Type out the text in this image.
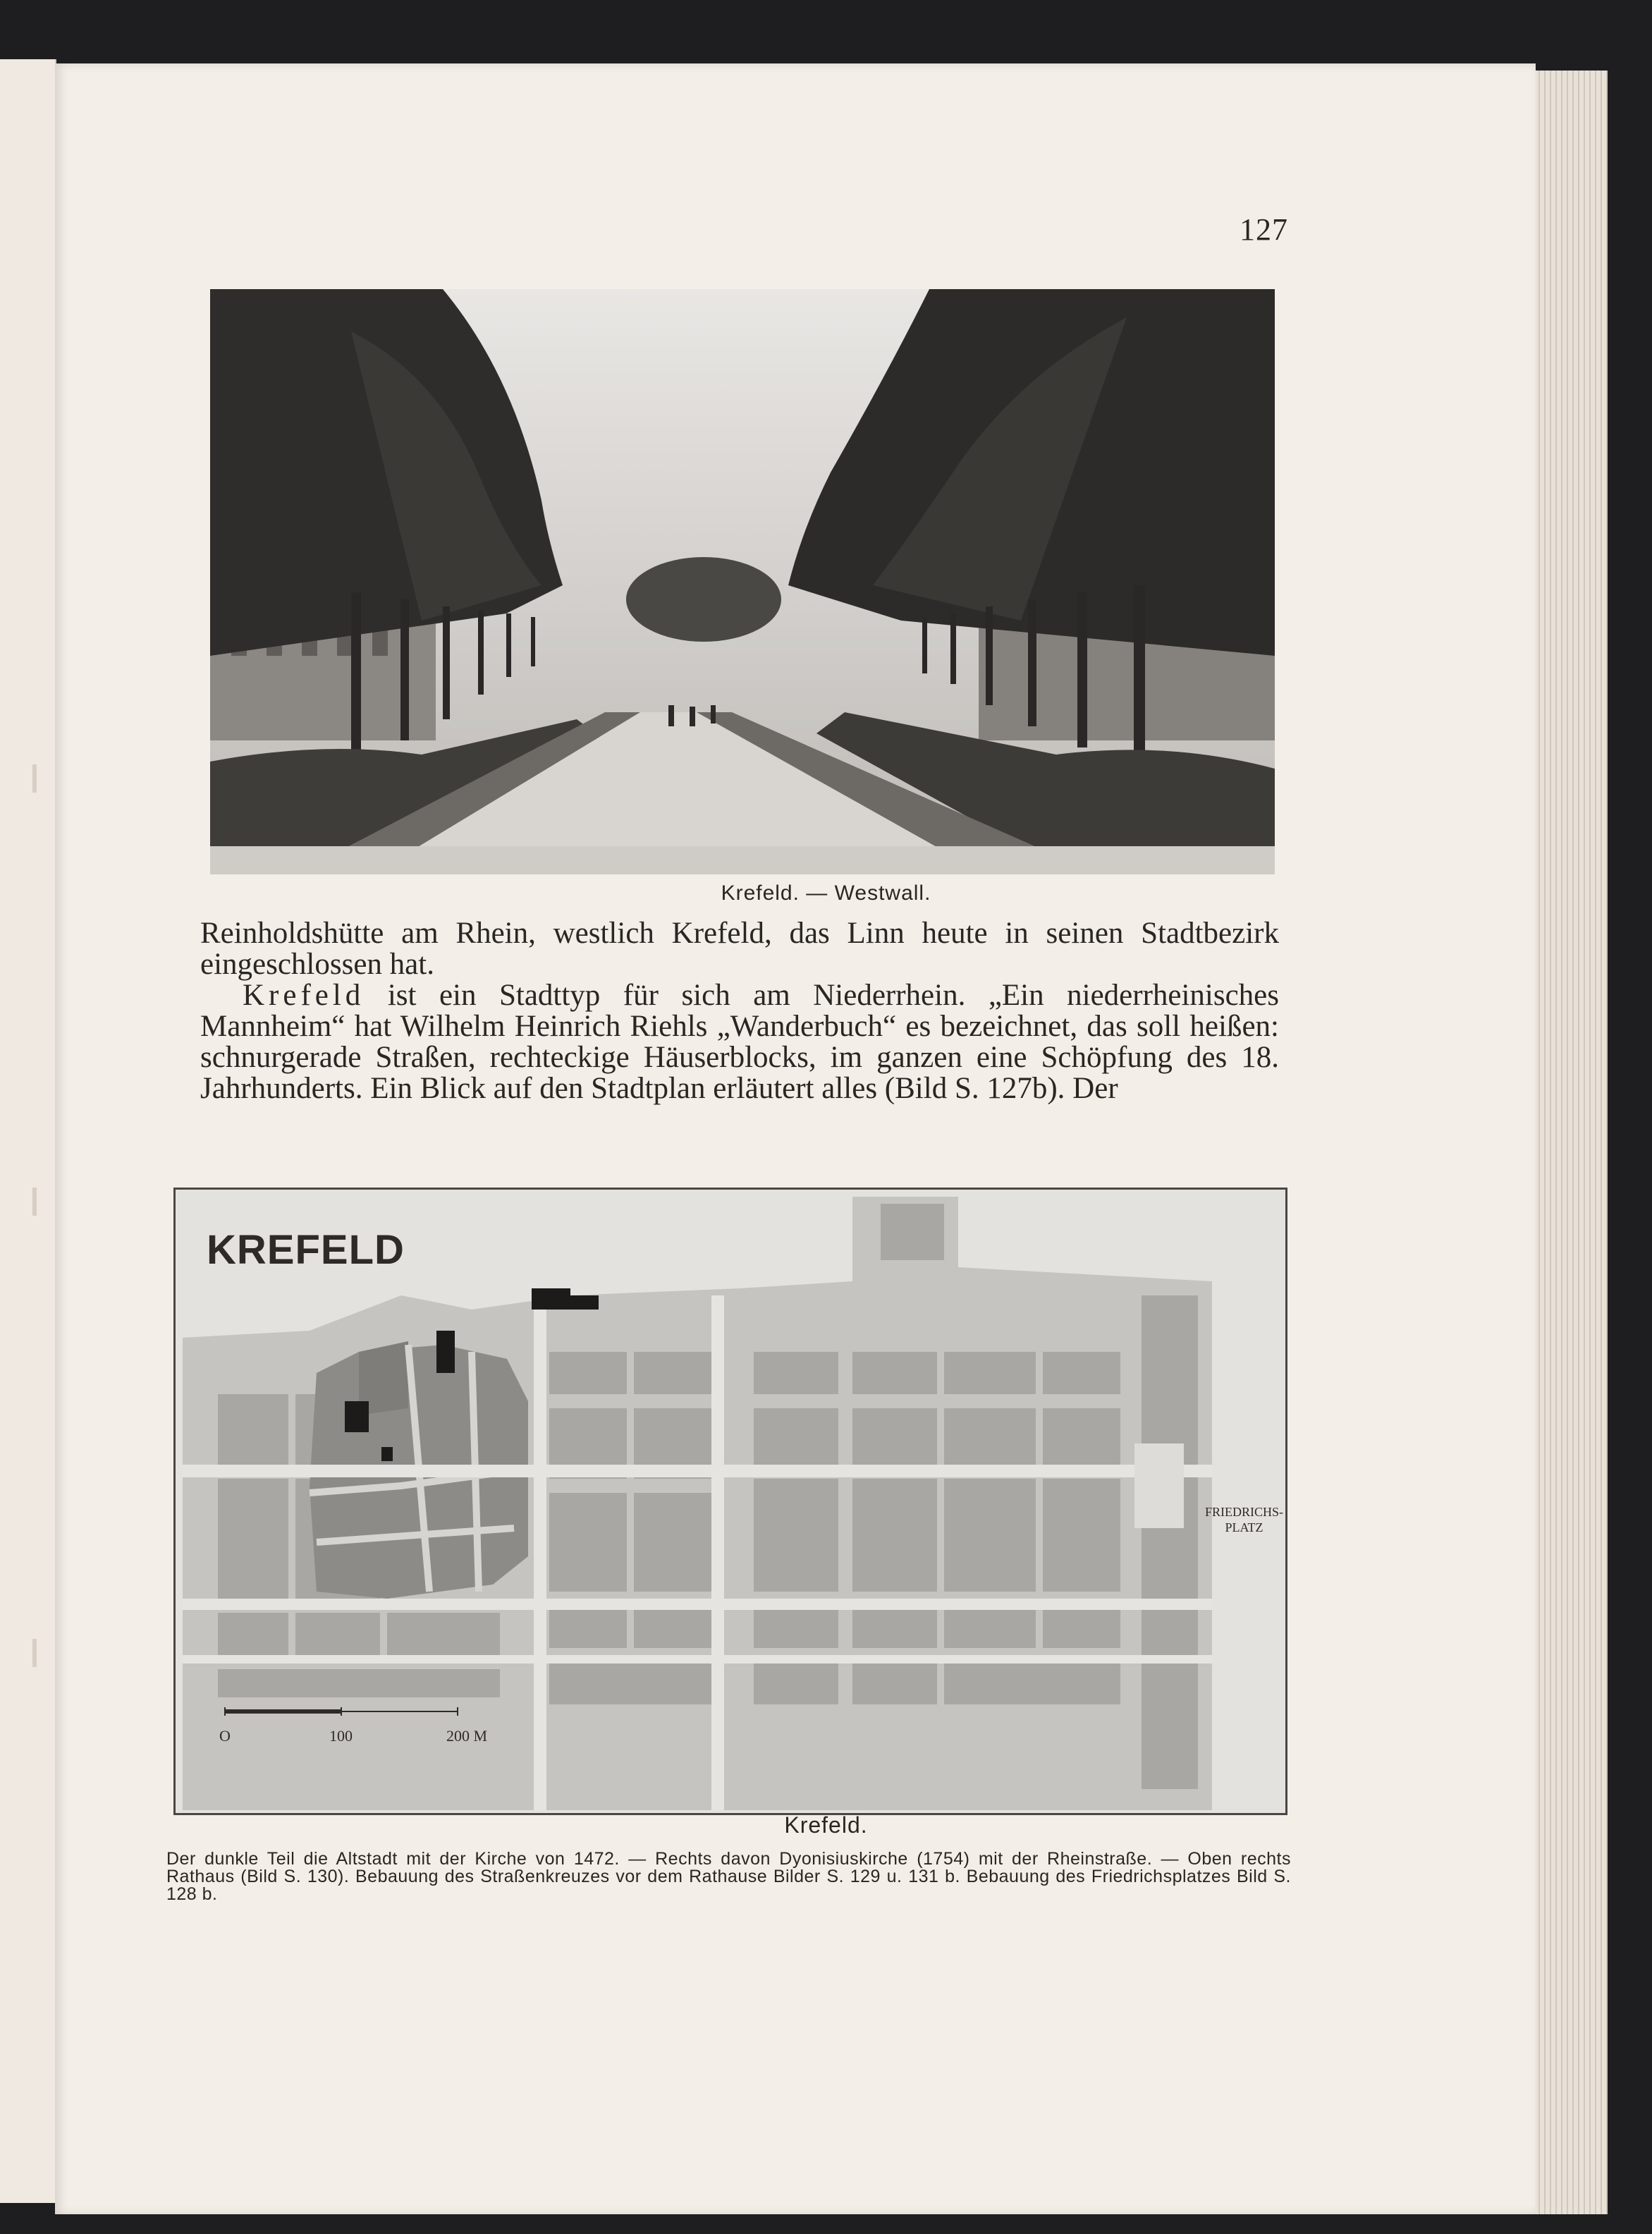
127
Krefeld. — Westwall.

Reinholdshütte am Rhein, westlich Krefeld, das Linn heute in seinen Stadtbezirk eingeschlossen hat.

Krefeld ist ein Stadttyp für sich am Niederrhein. „Ein niederrheinisches Mannheim“ hat Wilhelm Heinrich Riehls „Wanderbuch“ es bezeichnet, das soll heißen: schnurgerade Straßen, rechteckige Häuserblocks, im ganzen eine Schöpfung des 18. Jahrhunderts. Ein Blick auf den Stadtplan erläutert alles (Bild S. 127b). Der

KREFELD
FRIEDRICHS-
PLATZ
O	100	200 M
Krefeld.
Der dunkle Teil die Altstadt mit der Kirche von 1472. — Rechts davon Dyonisiuskirche (1754) mit der Rheinstraße. — Oben rechts Rathaus (Bild S. 130). Bebauung des Straßenkreuzes vor dem Rathause Bilder S. 129 u. 131 b. Bebauung des Friedrichsplatzes Bild S. 128 b.
